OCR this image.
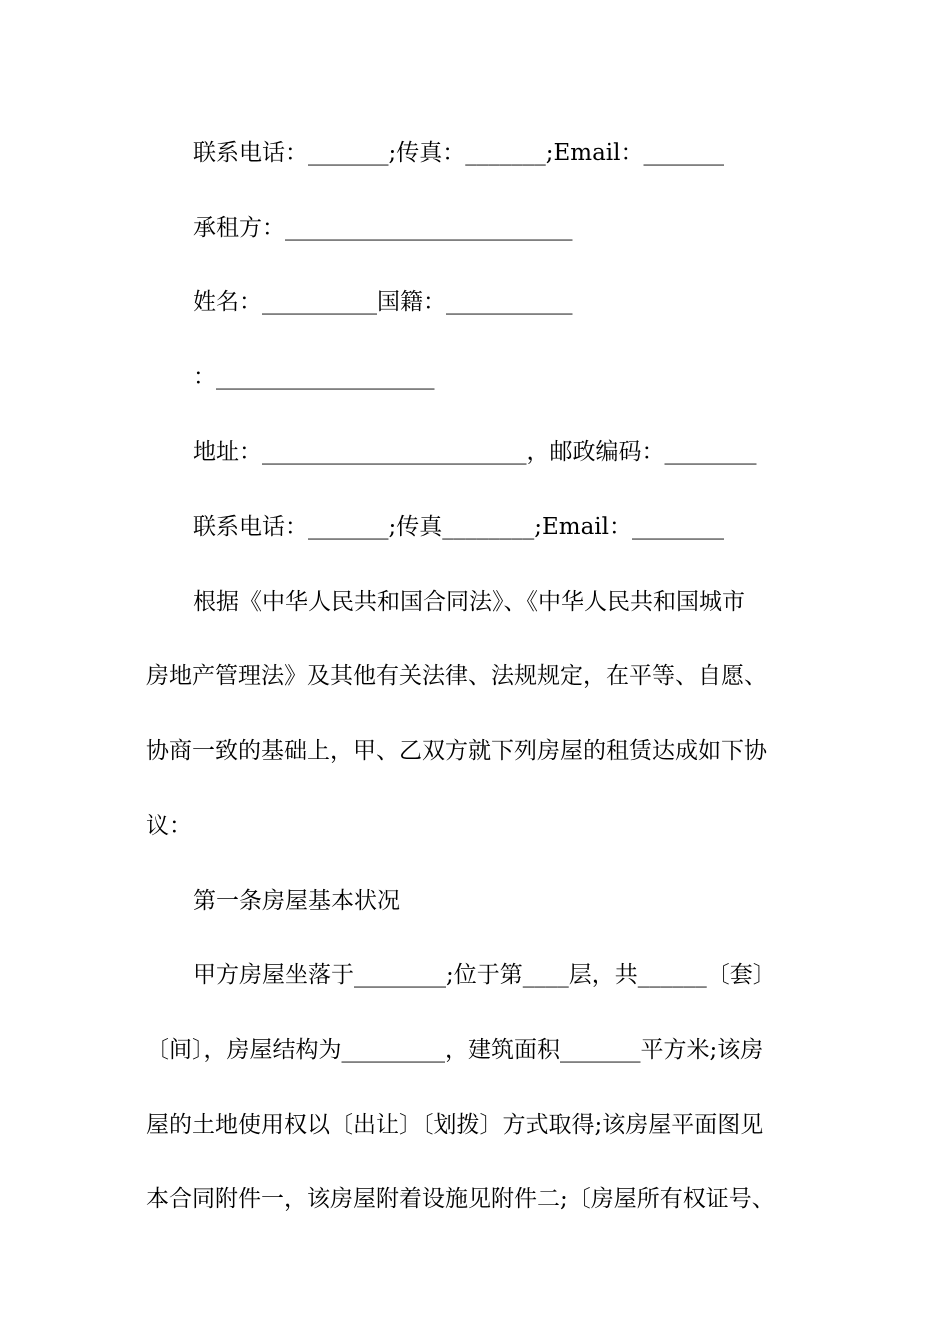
联系电话：_______;传真：_______;Email：_______
承租方：_________________________
姓名：__________国籍：___________
：___________________
地址：_______________________，邮政编码：________
联系电话：_______;传真________;Email：________
根据《中华人民共和国合同法》、《中华人民共和国城市
房地产管理法》及其他有关法律、法规规定，在平等、自愿、
协商一致的基础上，甲、乙双方就下列房屋的租赁达成如下协
议：
第一条房屋基本状况
甲方房屋坐落于________;位于第____层，共______〔套〕
〔间〕，房屋结构为_________，建筑面积_______平方米;该房
屋的土地使用权以〔出让〕〔划拨〕方式取得;该房屋平面图见
本合同附件一，该房屋附着设施见附件二;〔房屋所有权证号、
